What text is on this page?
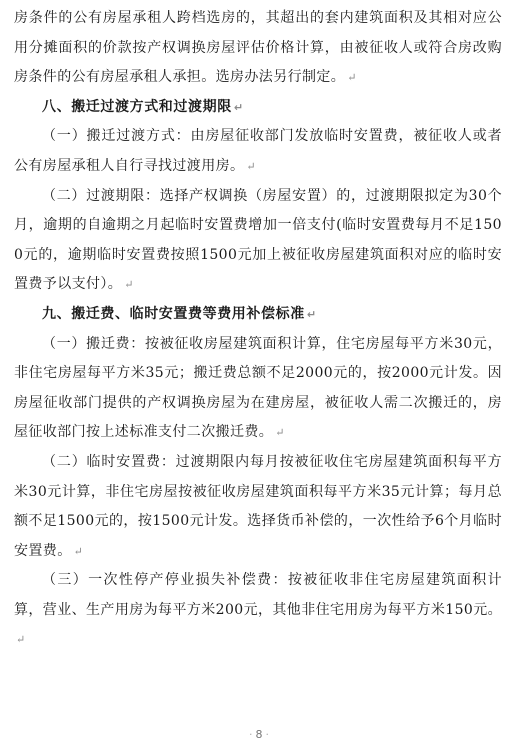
房条件的公有房屋承租人跨档选房的，其超出的套内建筑面积及其相对应公用分摊面积的价款按产权调换房屋评估价格计算，由被征收人或符合房改购房条件的公有房屋承租人承担。选房办法另行制定。 ↵

八、搬迁过渡方式和过渡期限 ↵

（一）搬迁过渡方式：由房屋征收部门发放临时安置费，被征收人或者公有房屋承租人自行寻找过渡用房。 ↵

（二）过渡期限：选择产权调换（房屋安置）的，过渡期限拟定为30个月，逾期的自逾期之月起临时安置费增加一倍支付(临时安置费每月不足1500元的，逾期临时安置费按照1500元加上被征收房屋建筑面积对应的临时安置费予以支付）。 ↵

九、搬迁费、临时安置费等费用补偿标准 ↵

（一）搬迁费：按被征收房屋建筑面积计算，住宅房屋每平方米30元，非住宅房屋每平方米35元；搬迁费总额不足2000元的，按2000元计发。因房屋征收部门提供的产权调换房屋为在建房屋，被征收人需二次搬迁的，房屋征收部门按上述标准支付二次搬迁费。 ↵

（二）临时安置费：过渡期限内每月按被征收住宅房屋建筑面积每平方米30元计算，非住宅房屋按被征收房屋建筑面积每平方米35元计算；每月总额不足1500元的，按1500元计发。选择货币补偿的，一次性给予6个月临时安置费。 ↵

（三）一次性停产停业损失补偿费：按被征收非住宅房屋建筑面积计算，营业、生产用房为每平方米200元，其他非住宅用房为每平方米150元。↵

· 8 ·
